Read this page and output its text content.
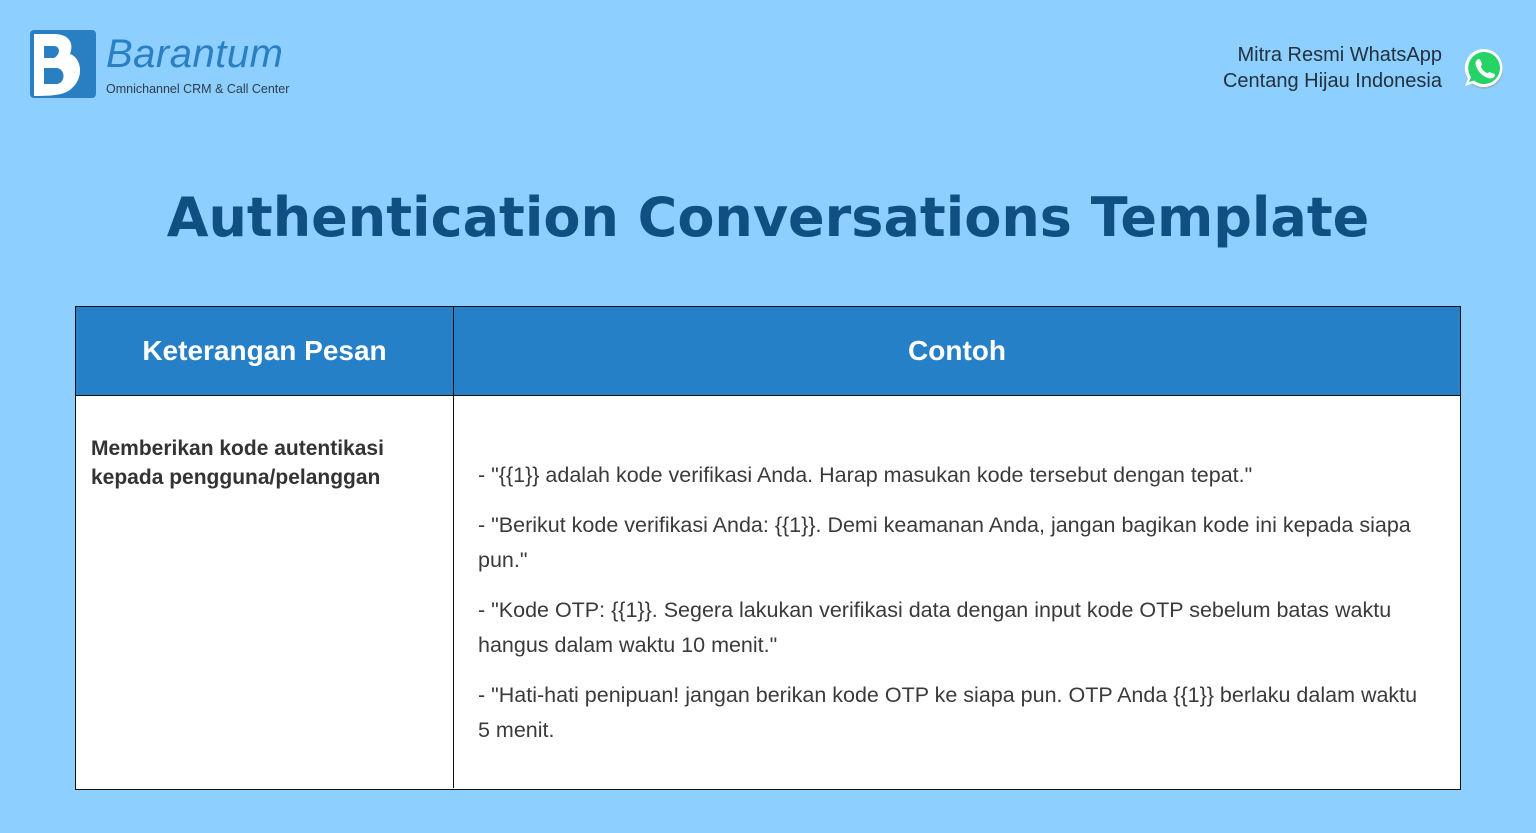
Barantum
Omnichannel CRM & Call Center
Mitra Resmi WhatsApp
Centang Hijau Indonesia
Authentication Conversations Template
Keterangan Pesan	Contoh
Memberikan kode autentikasi kepada pengguna/pelanggan	- "{{1}} adalah kode verifikasi Anda. Harap masukan kode tersebut dengan tepat."
- "Berikut kode verifikasi Anda: {{1}}. Demi keamanan Anda, jangan bagikan kode ini kepada siapa pun."
- "Kode OTP: {{1}}. Segera lakukan verifikasi data dengan input kode OTP sebelum batas waktu hangus dalam waktu 10 menit."
- "Hati-hati penipuan! jangan berikan kode OTP ke siapa pun. OTP Anda {{1}} berlaku dalam waktu 5 menit.
